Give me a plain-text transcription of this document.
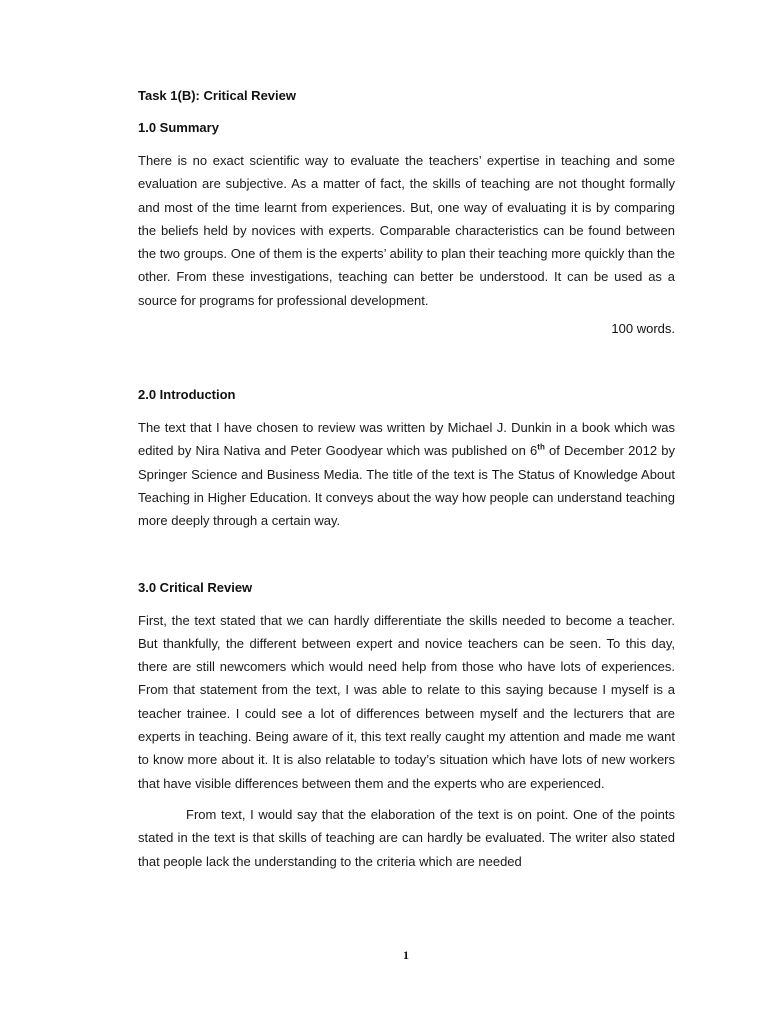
Task 1(B): Critical Review

1.0 Summary

There is no exact scientific way to evaluate the teachers’ expertise in teaching and some evaluation are subjective. As a matter of fact, the skills of teaching are not thought formally and most of the time learnt from experiences. But, one way of evaluating it is by comparing the beliefs held by novices with experts. Comparable characteristics can be found between the two groups. One of them is the experts’ ability to plan their teaching more quickly than the other. From these investigations, teaching can better be understood. It can be used as a source for programs for professional development.

100 words.

2.0 Introduction

The text that I have chosen to review was written by Michael J. Dunkin in a book which was edited by Nira Nativa and Peter Goodyear which was published on 6th of December 2012 by Springer Science and Business Media. The title of the text is The Status of Knowledge About Teaching in Higher Education. It conveys about the way how people can understand teaching more deeply through a certain way.

3.0 Critical Review

First, the text stated that we can hardly differentiate the skills needed to become a teacher. But thankfully, the different between expert and novice teachers can be seen. To this day, there are still newcomers which would need help from those who have lots of experiences. From that statement from the text, I was able to relate to this saying because I myself is a teacher trainee. I could see a lot of differences between myself and the lecturers that are experts in teaching. Being aware of it, this text really caught my attention and made me want to know more about it. It is also relatable to today’s situation which have lots of new workers that have visible differences between them and the experts who are experienced.

From text, I would say that the elaboration of the text is on point. One of the points stated in the text is that skills of teaching are can hardly be evaluated. The writer also stated that people lack the understanding to the criteria which are needed

1
